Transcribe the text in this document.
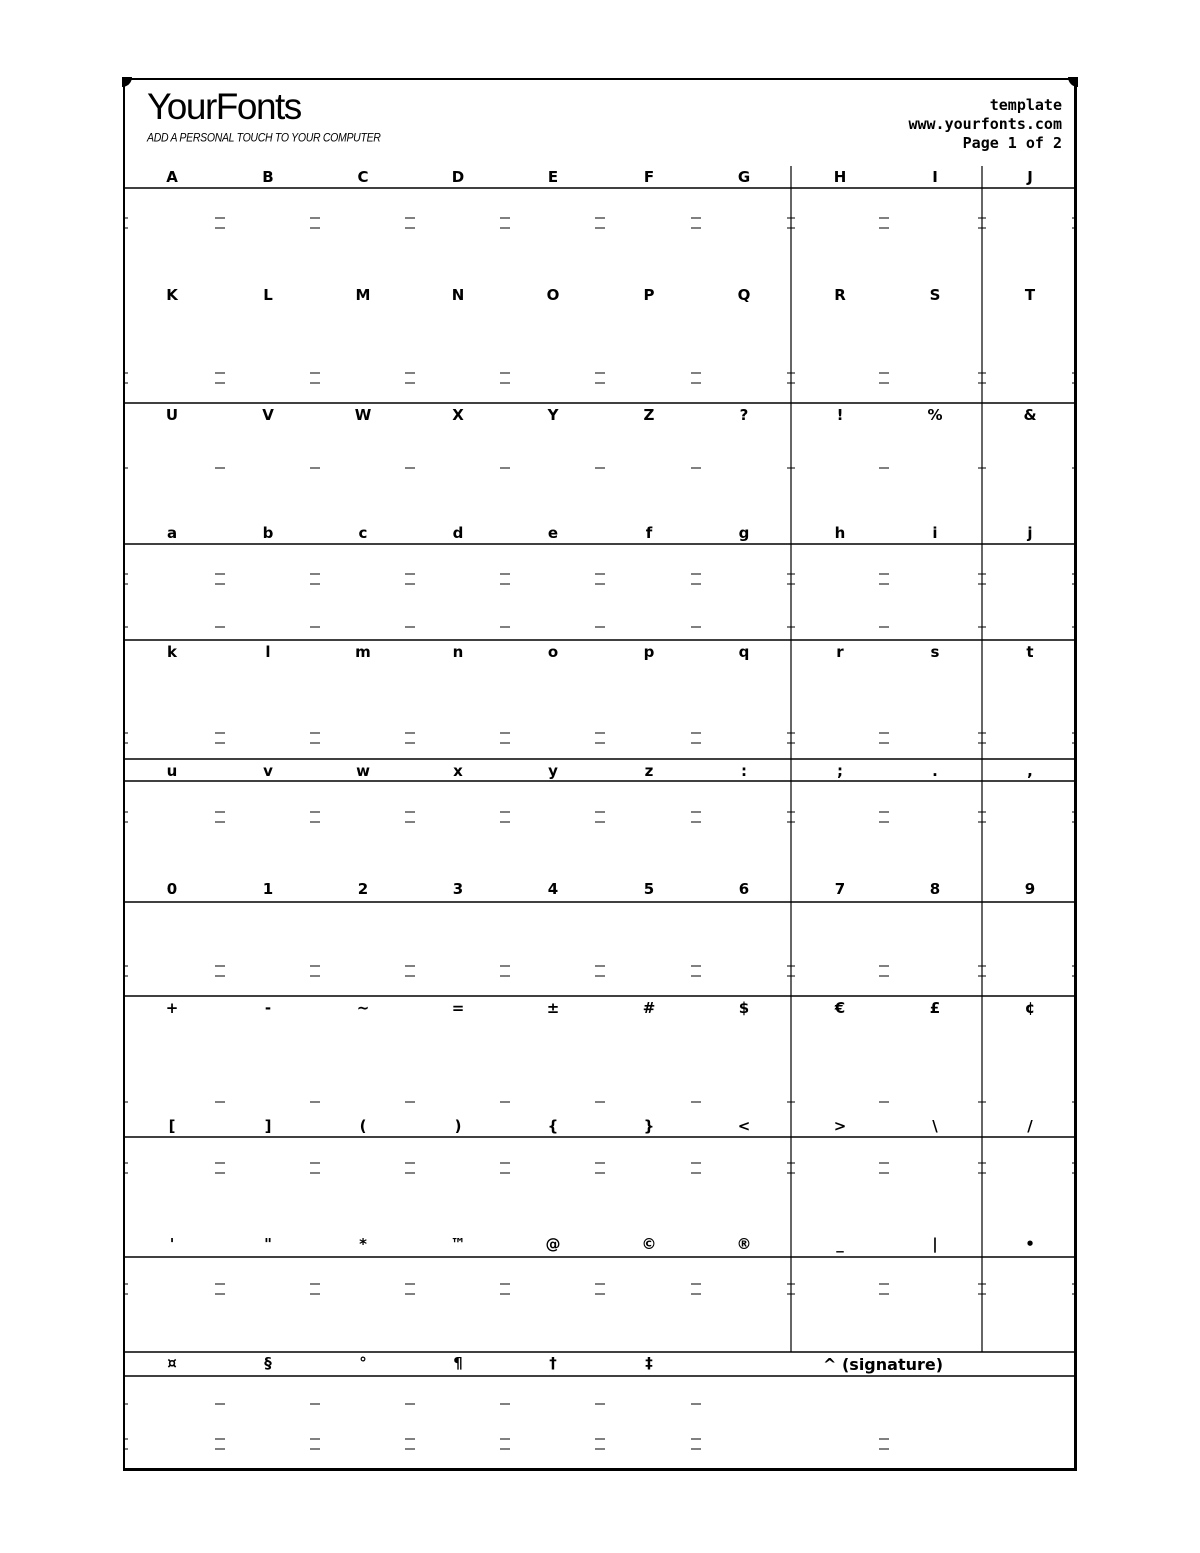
YourFonts
ADD A PERSONAL TOUCH TO YOUR COMPUTER
template
www.yourfonts.com
Page 1 of 2
A	B	C	D	E	F	G	H	I	J
K	L	M	N	O	P	Q	R	S	T
U	V	W	X	Y	Z	?	!	%	&
a	b	c	d	e	f	g	h	i	j
k	l	m	n	o	p	q	r	s	t
u	v	w	x	y	z	:	;	.	,
0	1	2	3	4	5	6	7	8	9
+	-	~	=	±	#	$	€	£	¢
[	]	(	)	{	}	<	>	\	/
'	"	*	™	@	©	®	_	|	•
¤	§	°	¶	†	‡	^ (signature)
